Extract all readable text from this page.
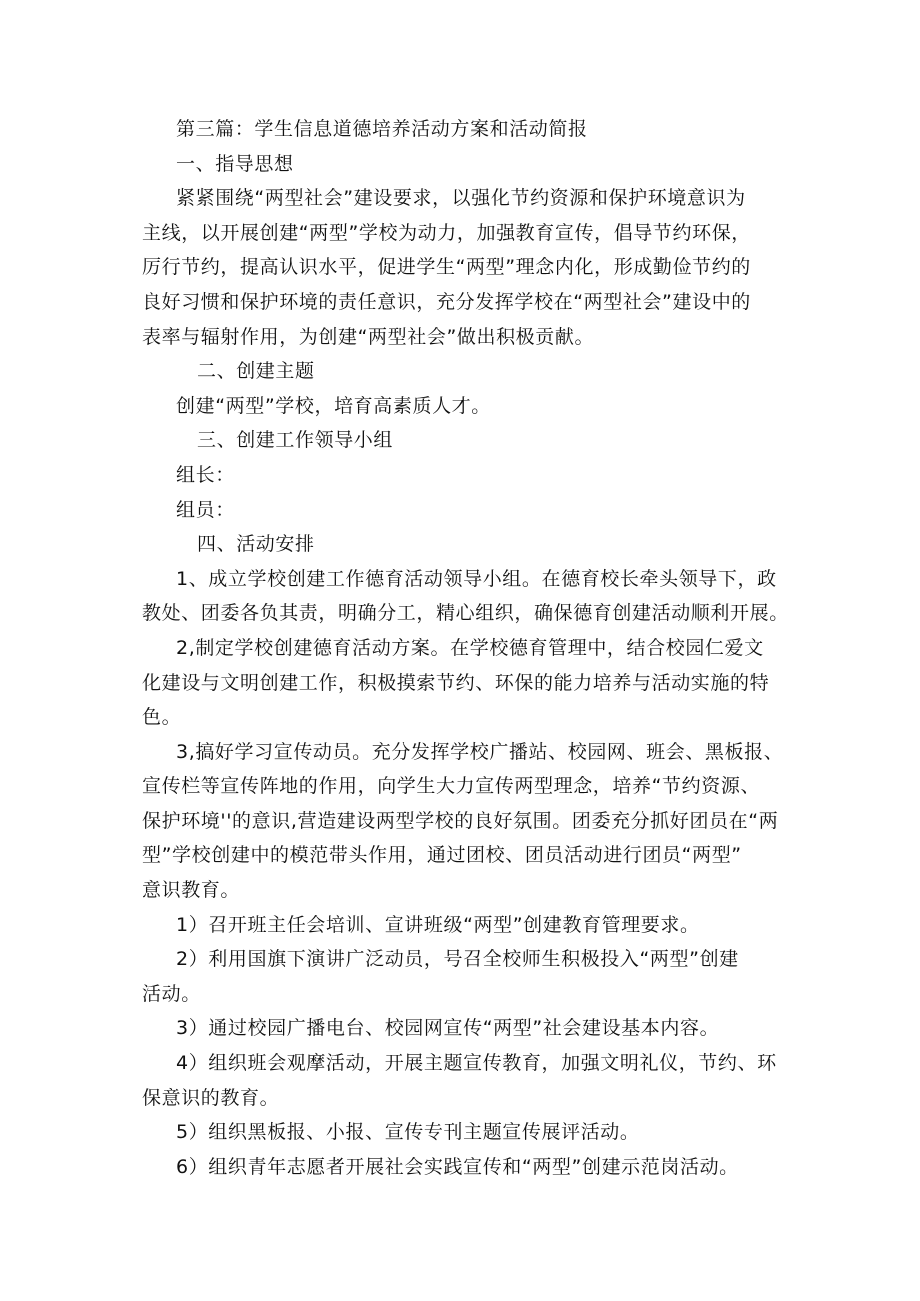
第三篇：学生信息道德培养活动方案和活动简报
一、指导思想
紧紧围绕“两型社会”建设要求，以强化节约资源和保护环境意识为
主线，以开展创建“两型”学校为动力，加强教育宣传，倡导节约环保，
厉行节约，提高认识水平，促进学生“两型”理念内化，形成勤俭节约的
良好习惯和保护环境的责任意识，充分发挥学校在“两型社会”建设中的
表率与辐射作用，为创建“两型社会”做出积极贡献。
二、创建主题
创建“两型”学校，培育高素质人才。
三、创建工作领导小组
组长：
组员：
四、活动安排
1、成立学校创建工作德育活动领导小组。在德育校长牵头领导下，政
教处、团委各负其责，明确分工，精心组织，确保德育创建活动顺利开展。
2,制定学校创建德育活动方案。在学校德育管理中，结合校园仁爱文
化建设与文明创建工作，积极摸索节约、环保的能力培养与活动实施的特
色。
3,搞好学习宣传动员。充分发挥学校广播站、校园网、班会、黑板报、
宣传栏等宣传阵地的作用，向学生大力宣传两型理念，培养“节约资源、
保护环境''的意识,营造建设两型学校的良好氛围。团委充分抓好团员在“两
型”学校创建中的模范带头作用，通过团校、团员活动进行团员“两型”
意识教育。
1）召开班主任会培训、宣讲班级“两型”创建教育管理要求。
2）利用国旗下演讲广泛动员，号召全校师生积极投入“两型”创建
活动。
3）通过校园广播电台、校园网宣传“两型”社会建设基本内容。
4）组织班会观摩活动，开展主题宣传教育，加强文明礼仪，节约、环
保意识的教育。
5）组织黑板报、小报、宣传专刊主题宣传展评活动。
6）组织青年志愿者开展社会实践宣传和“两型”创建示范岗活动。
